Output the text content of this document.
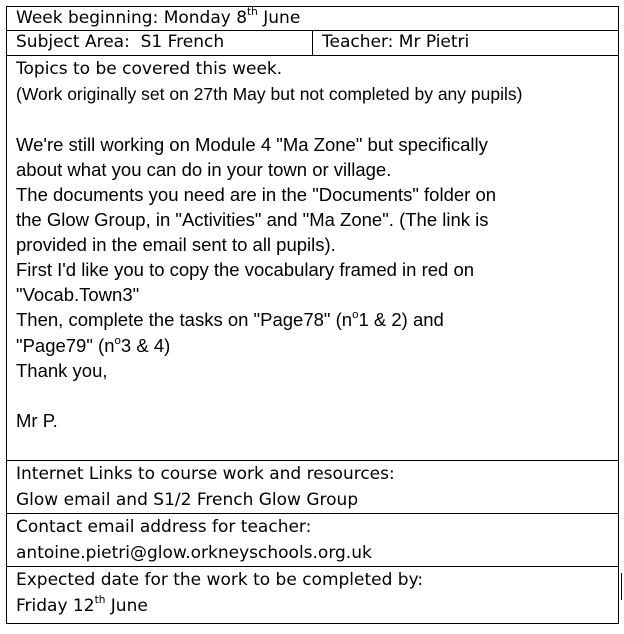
Week beginning: Monday 8th June
Subject Area:  S1 French	Teacher: Mr Pietri

Topics to be covered this week.
(Work originally set on 27th May but not completed by any pupils)
We're still working on Module 4 "Ma Zone" but specifically
about what you can do in your town or village.
The documents you need are in the "Documents" folder on
the Glow Group, in "Activities" and "Ma Zone". (The link is
provided in the email sent to all pupils).
First I'd like you to copy the vocabulary framed in red on
"Vocab.Town3"
Then, complete the tasks on "Page78" ($n^o1$ & 2) and
"Page79" ($n^o3$ & 4)
Thank you,
Mr P.

Internet Links to course work and resources:
Glow email and S1/2 French Glow Group

Contact email address for teacher:
antoine.pietri@glow.orkneyschools.org.uk

Expected date for the work to be completed by:
Friday 12th June
